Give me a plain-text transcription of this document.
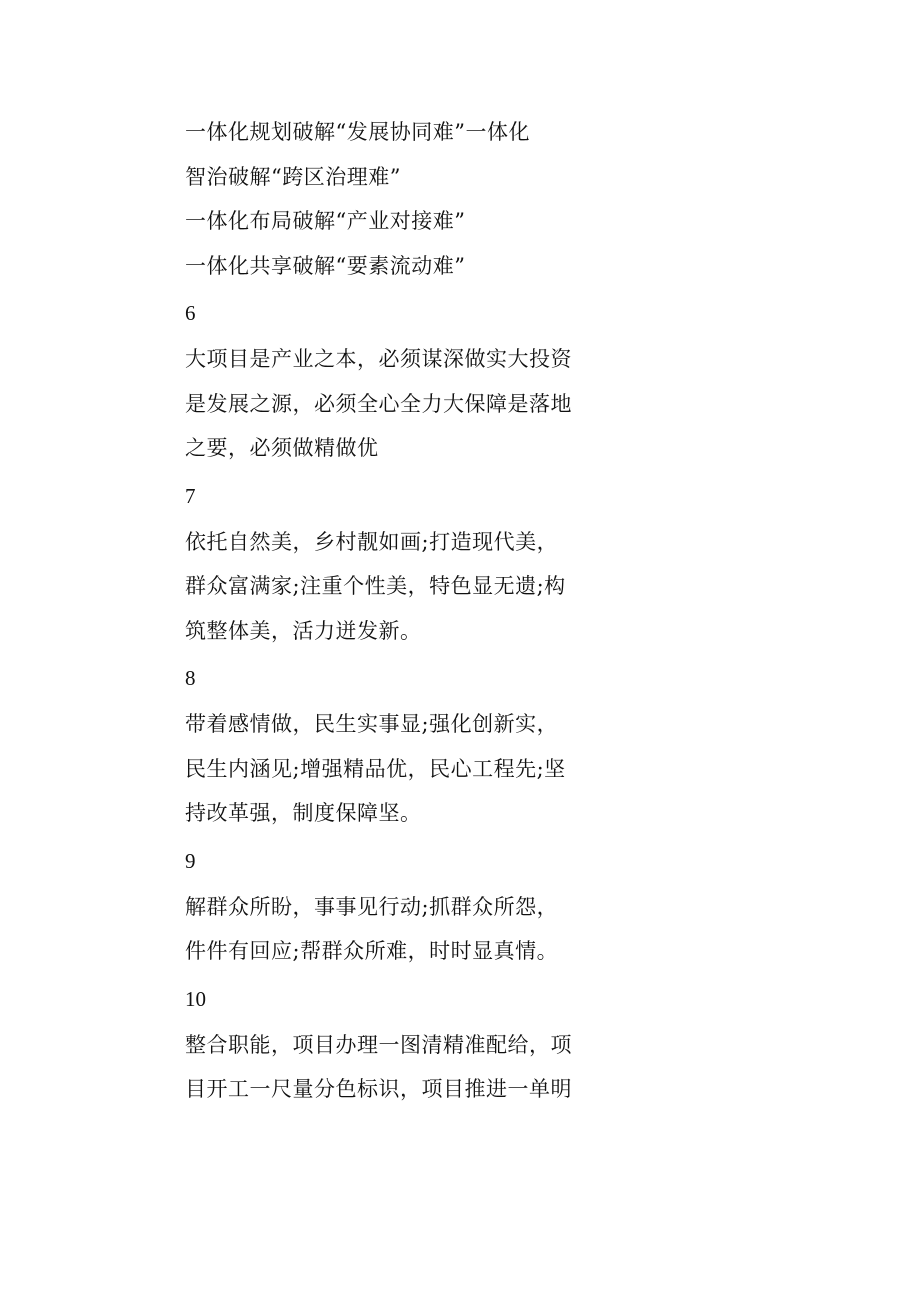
一体化规划破解“发展协同难”一体化
智治破解“跨区治理难”
一体化布局破解“产业对接难”
一体化共享破解“要素流动难”
6
大项目是产业之本，必须谋深做实大投资
是发展之源，必须全心全力大保障是落地
之要，必须做精做优
7
依托自然美，乡村靓如画;打造现代美，
群众富满家;注重个性美，特色显无遗;构
筑整体美，活力迸发新。
8
带着感情做，民生实事显;强化创新实，
民生内涵见;增强精品优，民心工程先;坚
持改革强，制度保障坚。
9
解群众所盼，事事见行动;抓群众所怨，
件件有回应;帮群众所难，时时显真情。
10
整合职能，项目办理一图清精准配给，项
目开工一尺量分色标识，项目推进一单明
